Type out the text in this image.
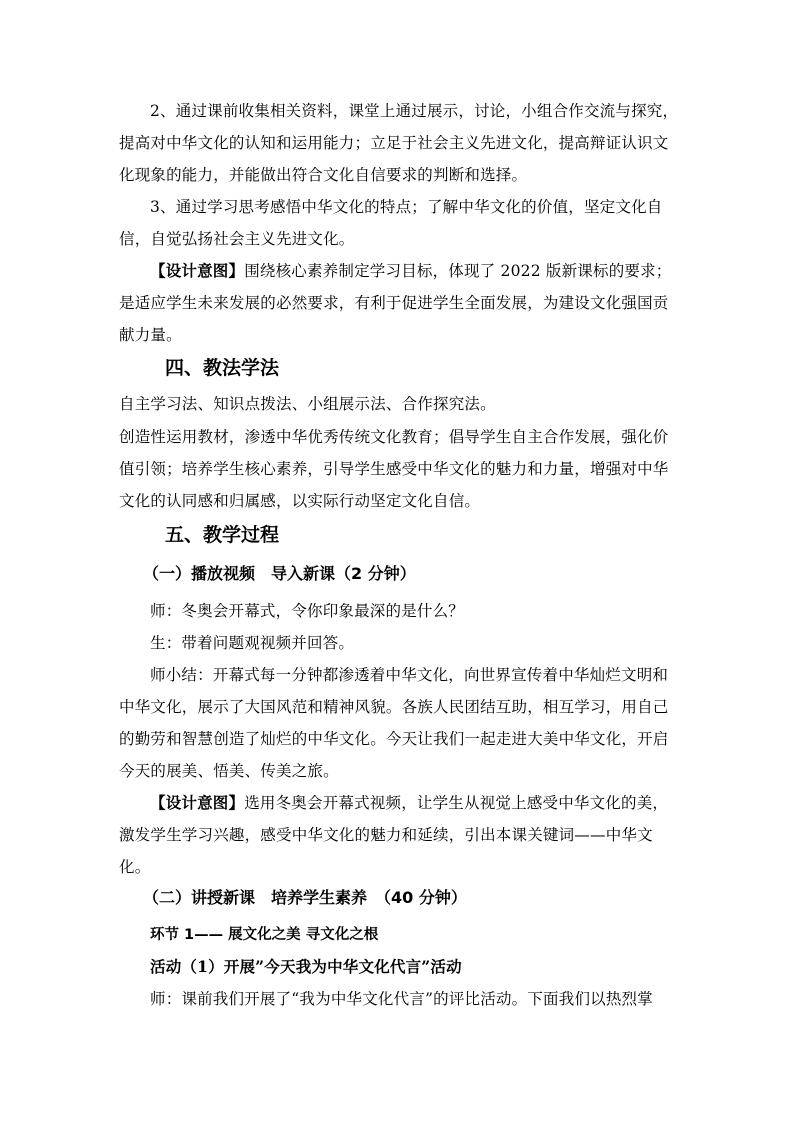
2、通过课前收集相关资料，课堂上通过展示，讨论，小组合作交流与探究，
提高对中华文化的认知和运用能力；立足于社会主义先进文化，提高辩证认识文
化现象的能力，并能做出符合文化自信要求的判断和选择。
3、通过学习思考感悟中华文化的特点；了解中华文化的价值，坚定文化自
信，自觉弘扬社会主义先进文化。
【设计意图】围绕核心素养制定学习目标，体现了 2022 版新课标的要求；
是适应学生未来发展的必然要求，有利于促进学生全面发展，为建设文化强国贡
献力量。
四、教法学法
自主学习法、知识点拨法、小组展示法、合作探究法。
创造性运用教材，渗透中华优秀传统文化教育；倡导学生自主合作发展，强化价
值引领；培养学生核心素养，引导学生感受中华文化的魅力和力量，增强对中华
文化的认同感和归属感，以实际行动坚定文化自信。
五、教学过程
（一）播放视频　导入新课（2 分钟）
师：冬奥会开幕式，令你印象最深的是什么？
生：带着问题观视频并回答。
师小结：开幕式每一分钟都渗透着中华文化，向世界宣传着中华灿烂文明和
中华文化，展示了大国风范和精神风貌。各族人民团结互助，相互学习，用自己
的勤劳和智慧创造了灿烂的中华文化。今天让我们一起走进大美中华文化，开启
今天的展美、悟美、传美之旅。
【设计意图】选用冬奥会开幕式视频，让学生从视觉上感受中华文化的美，
激发学生学习兴趣，感受中华文化的魅力和延续，引出本课关键词——中华文
化。
（二）讲授新课　培养学生素养　（40 分钟）
环节 1—— 展文化之美 寻文化之根
活动（1）开展”今天我为中华文化代言”活动
师：课前我们开展了“我为中华文化代言”的评比活动。下面我们以热烈掌
